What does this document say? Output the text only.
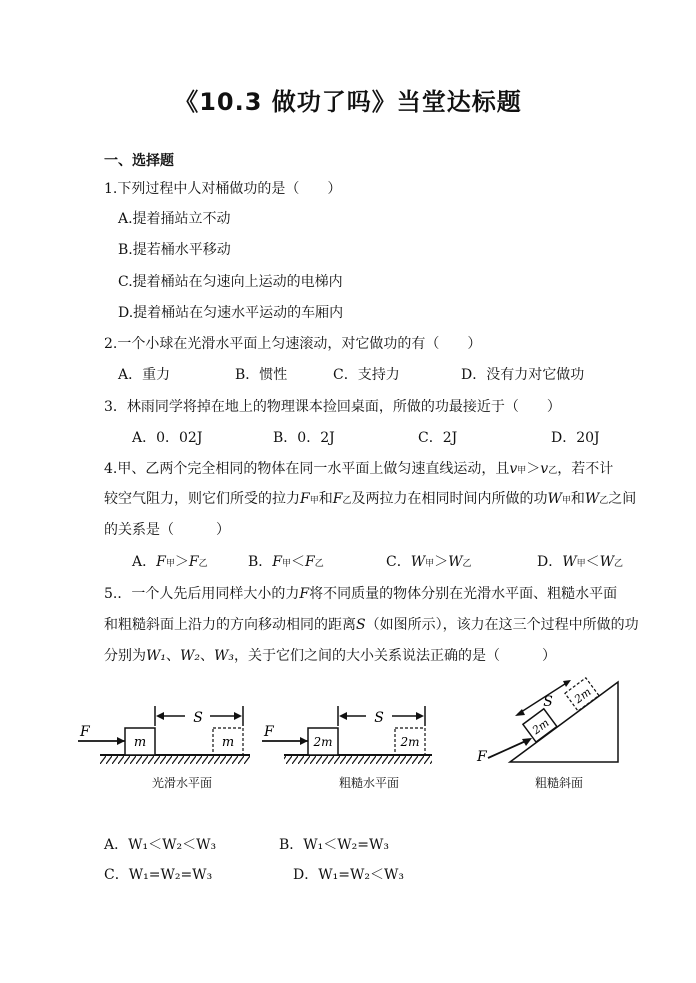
《10.3 做功了吗》当堂达标题
一、选择题
1.下列过程中人对桶做功的是（　　）
A.提着捅站立不动
B.提若桶水平移动
C.提着桶站在匀速向上运动的电梯内
D.提着桶站在匀速水平运动的车厢内
2.一个小球在光滑水平面上匀速滚动，对它做功的有（　　）
A．重力	B．惯性	C．支持力	D．没有力对它做功
3．林雨同学将掉在地上的物理课本捡回桌面，所做的功最接近于（　　）
A．0．02J	B．0．2J	C．2J	D．20J
4.甲、乙两个完全相同的物体在同一水平面上做匀速直线运动，且v甲＞v乙，若不计
较空气阻力，则它们所受的拉力F甲和F乙及两拉力在相同时间内所做的功W甲和W乙之间
的关系是（　　　）
A．F甲＞F乙	B．F甲＜F乙	C．W甲＞W乙	D．W甲＜W乙
5.．一个人先后用同样大小的力F将不同质量的物体分别在光滑水平面、粗糙水平面
和粗糙斜面上沿力的方向移动相同的距离S（如图所示），该力在这三个过程中所做的功
分别为W₁、W₂、W₃，关于它们之间的大小关系说法正确的是（　　　）
m	m
F
S
2m	2m
F
S	2m
2m
F
S
光滑水平面	粗糙水平面	粗糙斜面
A．W₁＜W₂＜W₃	B．W₁＜W₂=W₃
C．W₁=W₂=W₃	D．W₁=W₂＜W₃
